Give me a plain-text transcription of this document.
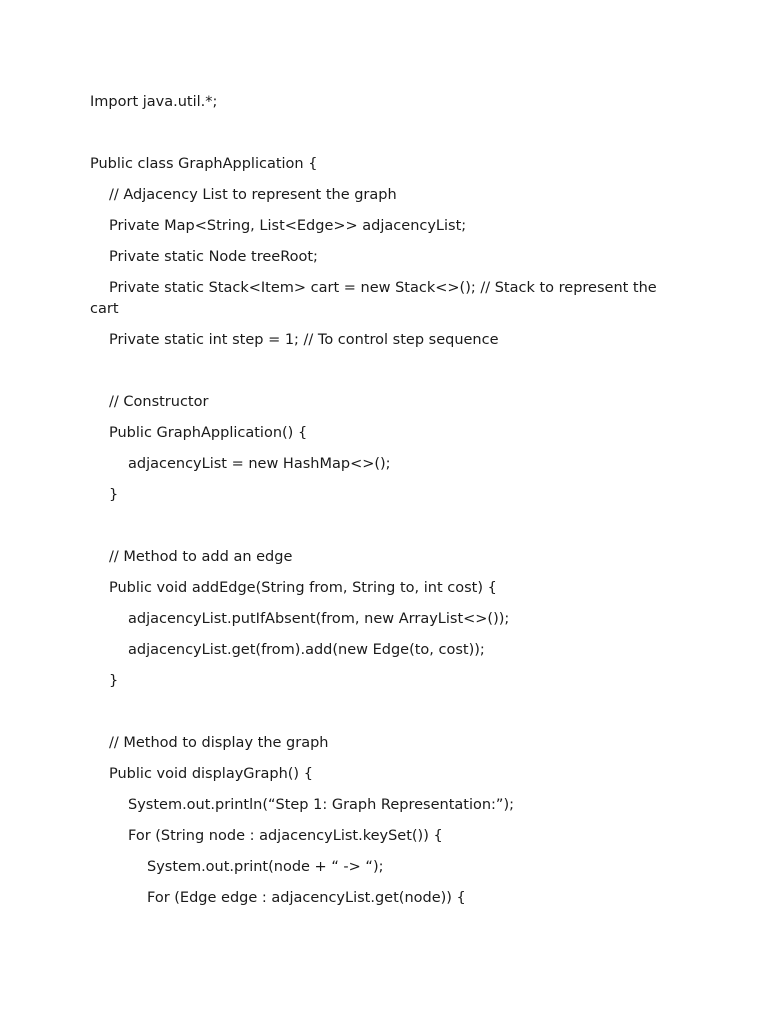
Import java.util.*;
Public class GraphApplication {
// Adjacency List to represent the graph
Private Map<String, List<Edge>> adjacencyList;
Private static Node treeRoot;
Private static Stack<Item> cart = new Stack<>(); // Stack to represent the cart
Private static int step = 1; // To control step sequence
// Constructor
Public GraphApplication() {
adjacencyList = new HashMap<>();
}
// Method to add an edge
Public void addEdge(String from, String to, int cost) {
adjacencyList.putIfAbsent(from, new ArrayList<>());
adjacencyList.get(from).add(new Edge(to, cost));
}
// Method to display the graph
Public void displayGraph() {
System.out.println(“Step 1: Graph Representation:”);
For (String node : adjacencyList.keySet()) {
System.out.print(node + “ -> “);
For (Edge edge : adjacencyList.get(node)) {
